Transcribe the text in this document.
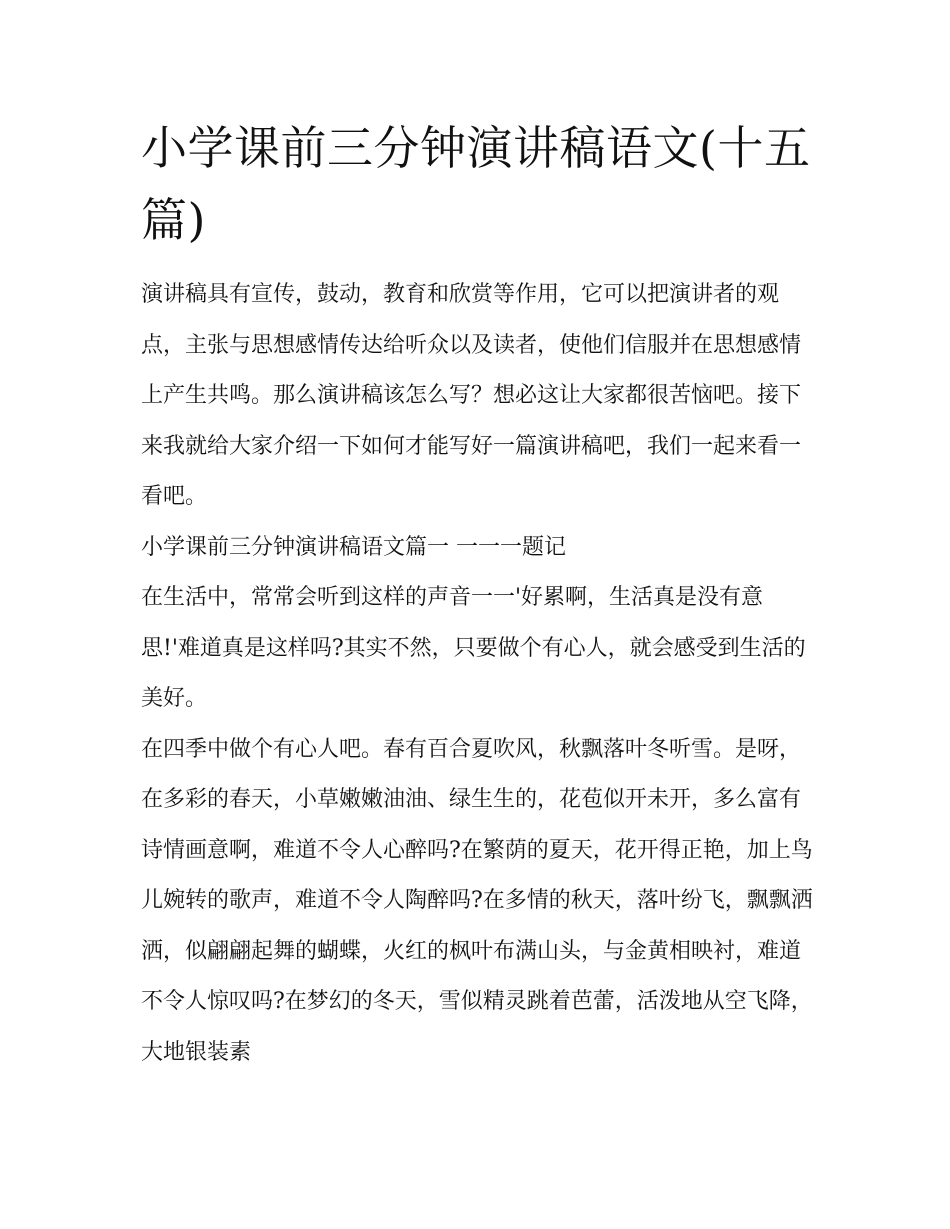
小学课前三分钟演讲稿语文(十五篇)

演讲稿具有宣传，鼓动，教育和欣赏等作用，它可以把演讲者的观点，主张与思想感情传达给听众以及读者，使他们信服并在思想感情上产生共鸣。那么演讲稿该怎么写？想必这让大家都很苦恼吧。接下来我就给大家介绍一下如何才能写好一篇演讲稿吧，我们一起来看一看吧。

小学课前三分钟演讲稿语文篇一 一一一题记

在生活中，常常会听到这样的声音一一'好累啊，生活真是没有意思!'难道真是这样吗?其实不然，只要做个有心人，就会感受到生活的美好。

在四季中做个有心人吧。春有百合夏吹风，秋飘落叶冬听雪。是呀，在多彩的春天，小草嫩嫩油油、绿生生的，花苞似开未开，多么富有诗情画意啊，难道不令人心醉吗?在繁荫的夏天，花开得正艳，加上鸟儿婉转的歌声，难道不令人陶醉吗?在多情的秋天，落叶纷飞，飘飘洒洒，似翩翩起舞的蝴蝶，火红的枫叶布满山头，与金黄相映衬，难道不令人惊叹吗?在梦幻的冬天，雪似精灵跳着芭蕾，活泼地从空飞降，大地银装素
